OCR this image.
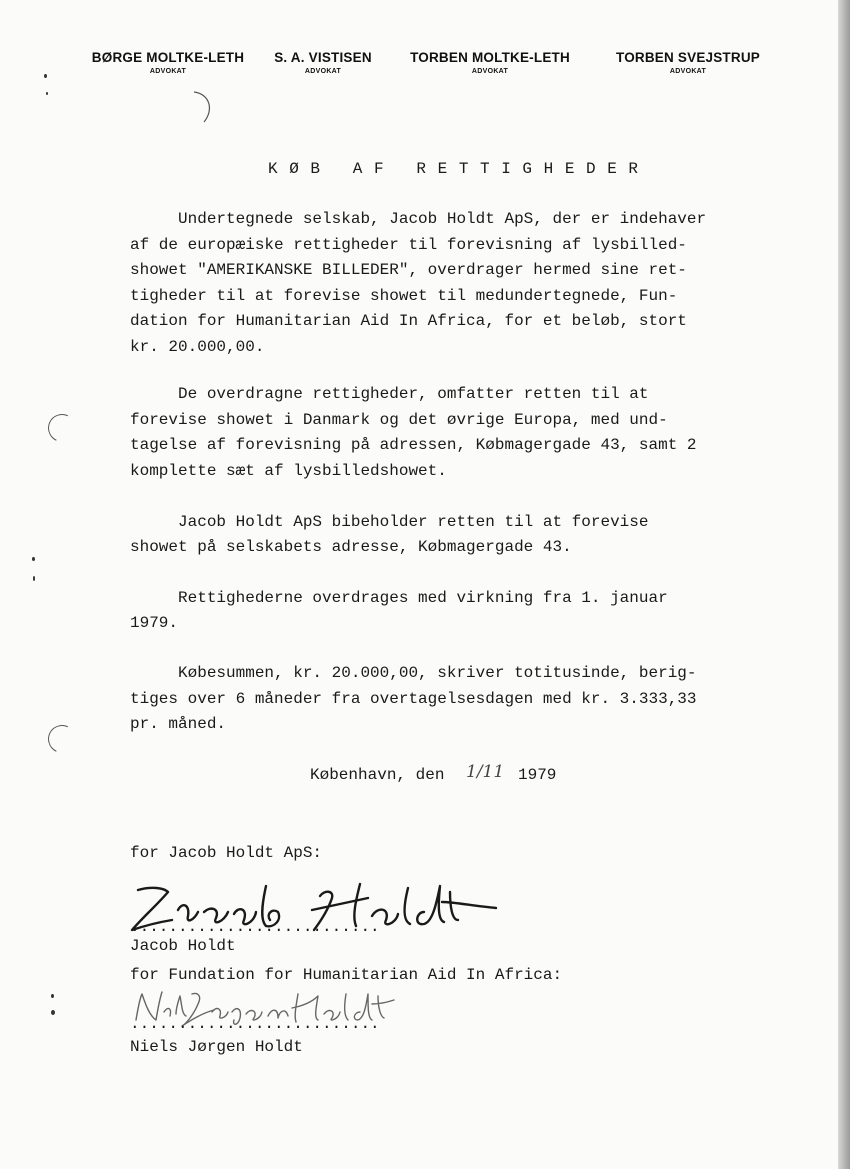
BØRGE MOLTKE-LETH
ADVOKAT
S. A. VISTISEN
ADVOKAT
TORBEN MOLTKE-LETH
ADVOKAT
TORBEN SVEJSTRUP
ADVOKAT
KØB AF RETTIGHEDER
Undertegnede selskab, Jacob Holdt ApS, der er indehaver
af de europæiske rettigheder til forevisning af lysbilled-
showet "AMERIKANSKE BILLEDER", overdrager hermed sine ret-
tigheder til at forevise showet til medundertegnede, Fun-
dation for Humanitarian Aid In Africa, for et beløb, stort
kr. 20.000,00.
De overdragne rettigheder, omfatter retten til at
forevise showet i Danmark og det øvrige Europa, med und-
tagelse af forevisning på adressen, Købmagergade 43, samt 2
komplette sæt af lysbilledshowet.
Jacob Holdt ApS bibeholder retten til at forevise
showet på selskabets adresse, Købmagergade 43.
Rettighederne overdrages med virkning fra 1. januar
1979.
Købesummen, kr. 20.000,00, skriver totitusinde, berig-
tiges over 6 måneder fra overtagelsesdagen med kr. 3.333,33
pr. måned.
København, den 1/11 1979
for Jacob Holdt ApS:
..........................
Jacob Holdt
for Fundation for Humanitarian Aid In Africa:
..........................
Niels Jørgen Holdt
